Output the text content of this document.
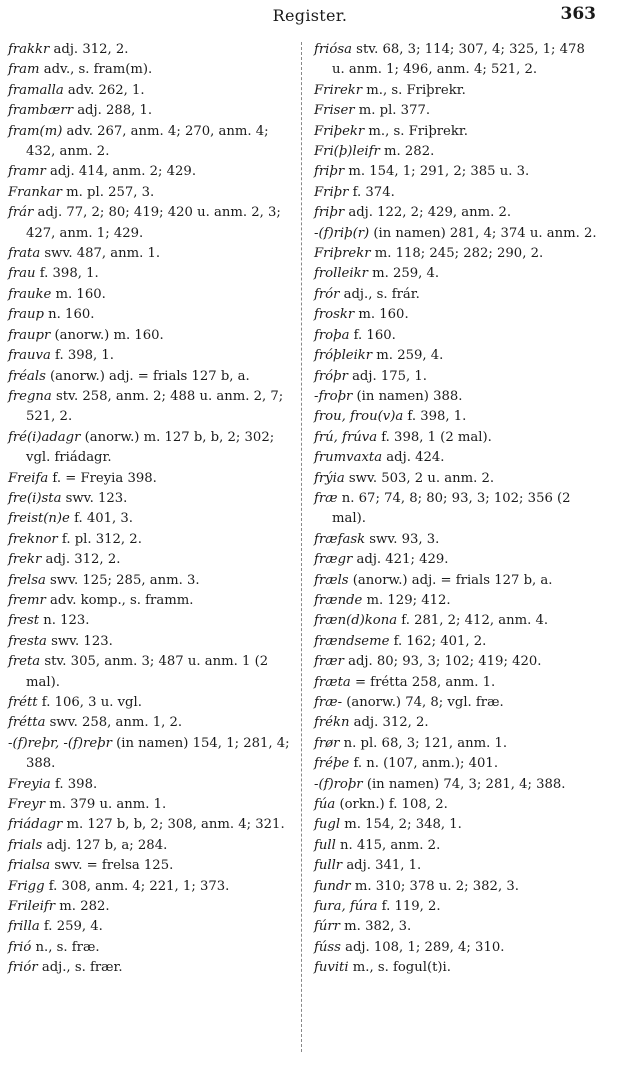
Register.	363
frakkr adj. 312, 2.
fram adv., s. fram(m).
framalla adv. 262, 1.
frambærr adj. 288, 1.
fram(m) adv. 267, anm. 4; 270, anm. 4; 432, anm. 2.
framr adj. 414, anm. 2; 429.
Frankar m. pl. 257, 3.
frár adj. 77, 2; 80; 419; 420 u. anm. 2, 3; 427, anm. 1; 429.
frata swv. 487, anm. 1.
frau f. 398, 1.
frauke m. 160.
fraup n. 160.
fraupr (anorw.) m. 160.
frauva f. 398, 1.
fréals (anorw.) adj. = frials 127 b, a.
fregna stv. 258, anm. 2; 488 u. anm. 2, 7; 521, 2.
fré(i)adagr (anorw.) m. 127 b, b, 2; 302; vgl. friádagr.
Freifa f. = Freyia 398.
fre(i)sta swv. 123.
freist(n)e f. 401, 3.
freknor f. pl. 312, 2.
frekr adj. 312, 2.
frelsa swv. 125; 285, anm. 3.
fremr adv. komp., s. framm.
frest n. 123.
fresta swv. 123.
freta stv. 305, anm. 3; 487 u. anm. 1 (2 mal).
frétt f. 106, 3 u. vgl.
frétta swv. 258, anm. 1, 2.
-(f)reþr, -(f)reþr (in namen) 154, 1; 281, 4; 388.
Freyia f. 398.
Freyr m. 379 u. anm. 1.
friádagr m. 127 b, b, 2; 308, anm. 4; 321.
frials adj. 127 b, a; 284.
frialsa swv. = frelsa 125.
Frigg f. 308, anm. 4; 221, 1; 373.
Frileifr m. 282.
frilla f. 259, 4.
frió n., s. fræ.
friór adj., s. frær.
friósa stv. 68, 3; 114; 307, 4; 325, 1; 478 u. anm. 1; 496, anm. 4; 521, 2.
Frirekr m., s. Friþrekr.
Friser m. pl. 377.
Friþekr m., s. Friþrekr.
Fri(þ)leifr m. 282.
friþr m. 154, 1; 291, 2; 385 u. 3.
Friþr f. 374.
friþr adj. 122, 2; 429, anm. 2.
-(f)riþ(r) (in namen) 281, 4; 374 u. anm. 2.
Friþrekr m. 118; 245; 282; 290, 2.
frolleikr m. 259, 4.
frór adj., s. frár.
froskr m. 160.
froþa f. 160.
fróþleikr m. 259, 4.
fróþr adj. 175, 1.
-froþr (in namen) 388.
frou, frou(v)a f. 398, 1.
frú, frúva f. 398, 1 (2 mal).
frumvaxta adj. 424.
frýia swv. 503, 2 u. anm. 2.
fræ n. 67; 74, 8; 80; 93, 3; 102; 356 (2 mal).
fræfask swv. 93, 3.
frægr adj. 421; 429.
fræls (anorw.) adj. = frials 127 b, a.
frænde m. 129; 412.
fræn(d)kona f. 281, 2; 412, anm. 4.
frændseme f. 162; 401, 2.
frær adj. 80; 93, 3; 102; 419; 420.
fræta = frétta 258, anm. 1.
fræ- (anorw.) 74, 8; vgl. fræ.
frékn adj. 312, 2.
frør n. pl. 68, 3; 121, anm. 1.
fréþe f. n. (107, anm.); 401.
-(f)roþr (in namen) 74, 3; 281, 4; 388.
fúa (orkn.) f. 108, 2.
fugl m. 154, 2; 348, 1.
full n. 415, anm. 2.
fullr adj. 341, 1.
fundr m. 310; 378 u. 2; 382, 3.
fura, fúra f. 119, 2.
fúrr m. 382, 3.
fúss adj. 108, 1; 289, 4; 310.
fuviti m., s. fogul(t)i.
